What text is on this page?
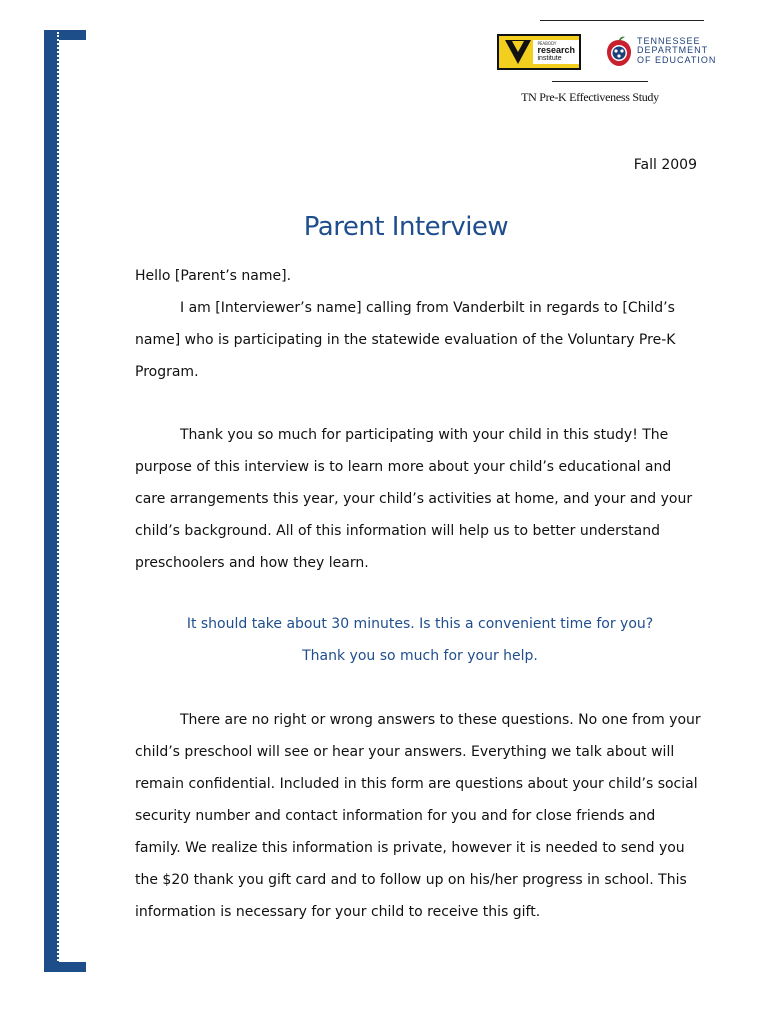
PEABODY
research
institute
TENNESSEE
DEPARTMENT
OF EDUCATION
TN Pre-K Effectiveness Study
Fall 2009
Parent Interview

Hello [Parent’s name].

I am [Interviewer’s name] calling from Vanderbilt in regards to [Child’s name] who is participating in the statewide evaluation of the Voluntary Pre-K Program.

Thank you so much for participating with your child in this study! The purpose of this interview is to learn more about your child’s educational and care arrangements this year, your child’s activities at home, and your and your child’s background. All of this information will help us to better understand preschoolers and how they learn.

It should take about 30 minutes. Is this a convenient time for you?

Thank you so much for your help.

There are no right or wrong answers to these questions. No one from your child’s preschool will see or hear your answers. Everything we talk about will remain confidential. Included in this form are questions about your child’s social security number and contact information for you and for close friends and family. We realize this information is private, however it is needed to send you the $20 thank you gift card and to follow up on his/her progress in school. This information is necessary for your child to receive this gift.
